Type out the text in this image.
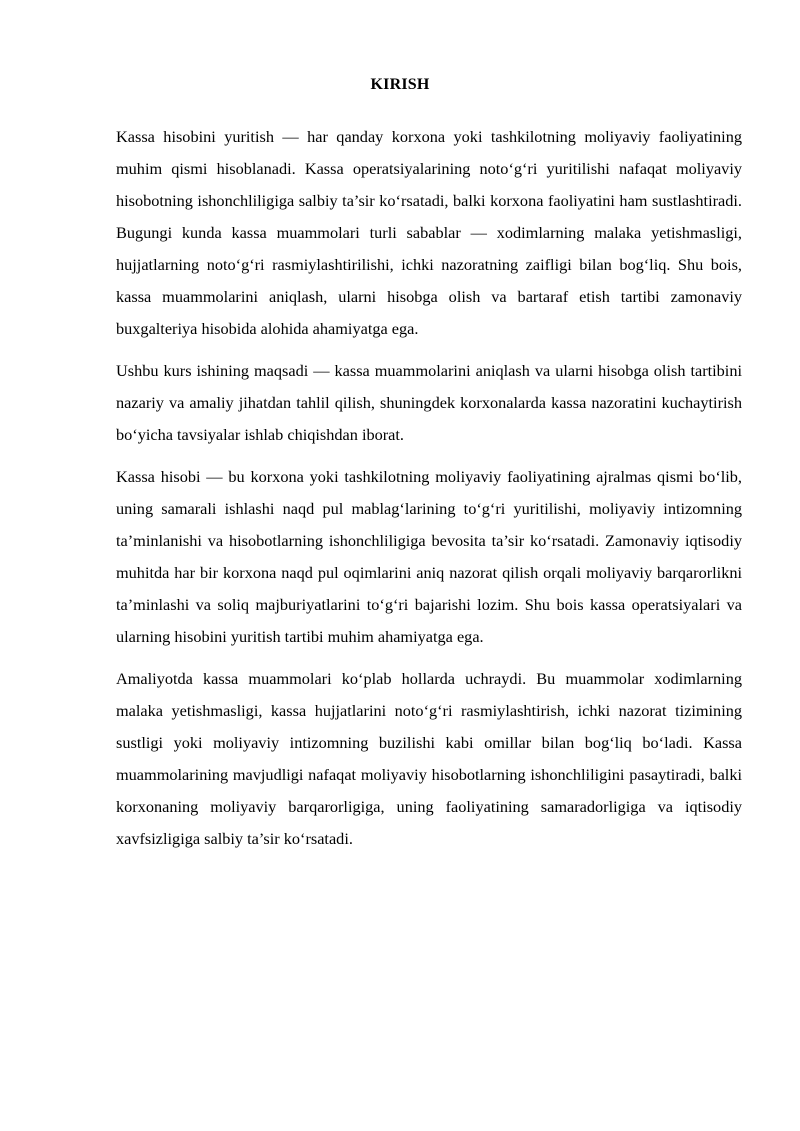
KIRISH

Kassa hisobini yuritish — har qanday korxona yoki tashkilotning moliyaviy faoliyatining muhim qismi hisoblanadi. Kassa operatsiyalarining noto‘g‘ri yuritilishi nafaqat moliyaviy hisobotning ishonchliligiga salbiy ta’sir ko‘rsatadi, balki korxona faoliyatini ham sustlashtiradi. Bugungi kunda kassa muammolari turli sabablar — xodimlarning malaka yetishmasligi, hujjatlarning noto‘g‘ri rasmiylashtirilishi, ichki nazoratning zaifligi bilan bog‘liq. Shu bois, kassa muammolarini aniqlash, ularni hisobga olish va bartaraf etish tartibi zamonaviy buxgalteriya hisobida alohida ahamiyatga ega.

Ushbu kurs ishining maqsadi — kassa muammolarini aniqlash va ularni hisobga olish tartibini nazariy va amaliy jihatdan tahlil qilish, shuningdek korxonalarda kassa nazoratini kuchaytirish bo‘yicha tavsiyalar ishlab chiqishdan iborat.

Kassa hisobi — bu korxona yoki tashkilotning moliyaviy faoliyatining ajralmas qismi bo‘lib, uning samarali ishlashi naqd pul mablag‘larining to‘g‘ri yuritilishi, moliyaviy intizomning ta’minlanishi va hisobotlarning ishonchliligiga bevosita ta’sir ko‘rsatadi. Zamonaviy iqtisodiy muhitda har bir korxona naqd pul oqimlarini aniq nazorat qilish orqali moliyaviy barqarorlikni ta’minlashi va soliq majburiyatlarini to‘g‘ri bajarishi lozim. Shu bois kassa operatsiyalari va ularning hisobini yuritish tartibi muhim ahamiyatga ega.

Amaliyotda kassa muammolari ko‘plab hollarda uchraydi. Bu muammolar xodimlarning malaka yetishmasligi, kassa hujjatlarini noto‘g‘ri rasmiylashtirish, ichki nazorat tizimining sustligi yoki moliyaviy intizomning buzilishi kabi omillar bilan bog‘liq bo‘ladi. Kassa muammolarining mavjudligi nafaqat moliyaviy hisobotlarning ishonchliligini pasaytiradi, balki korxonaning moliyaviy barqarorligiga, uning faoliyatining samaradorligiga va iqtisodiy xavfsizligiga salbiy ta’sir ko‘rsatadi.
